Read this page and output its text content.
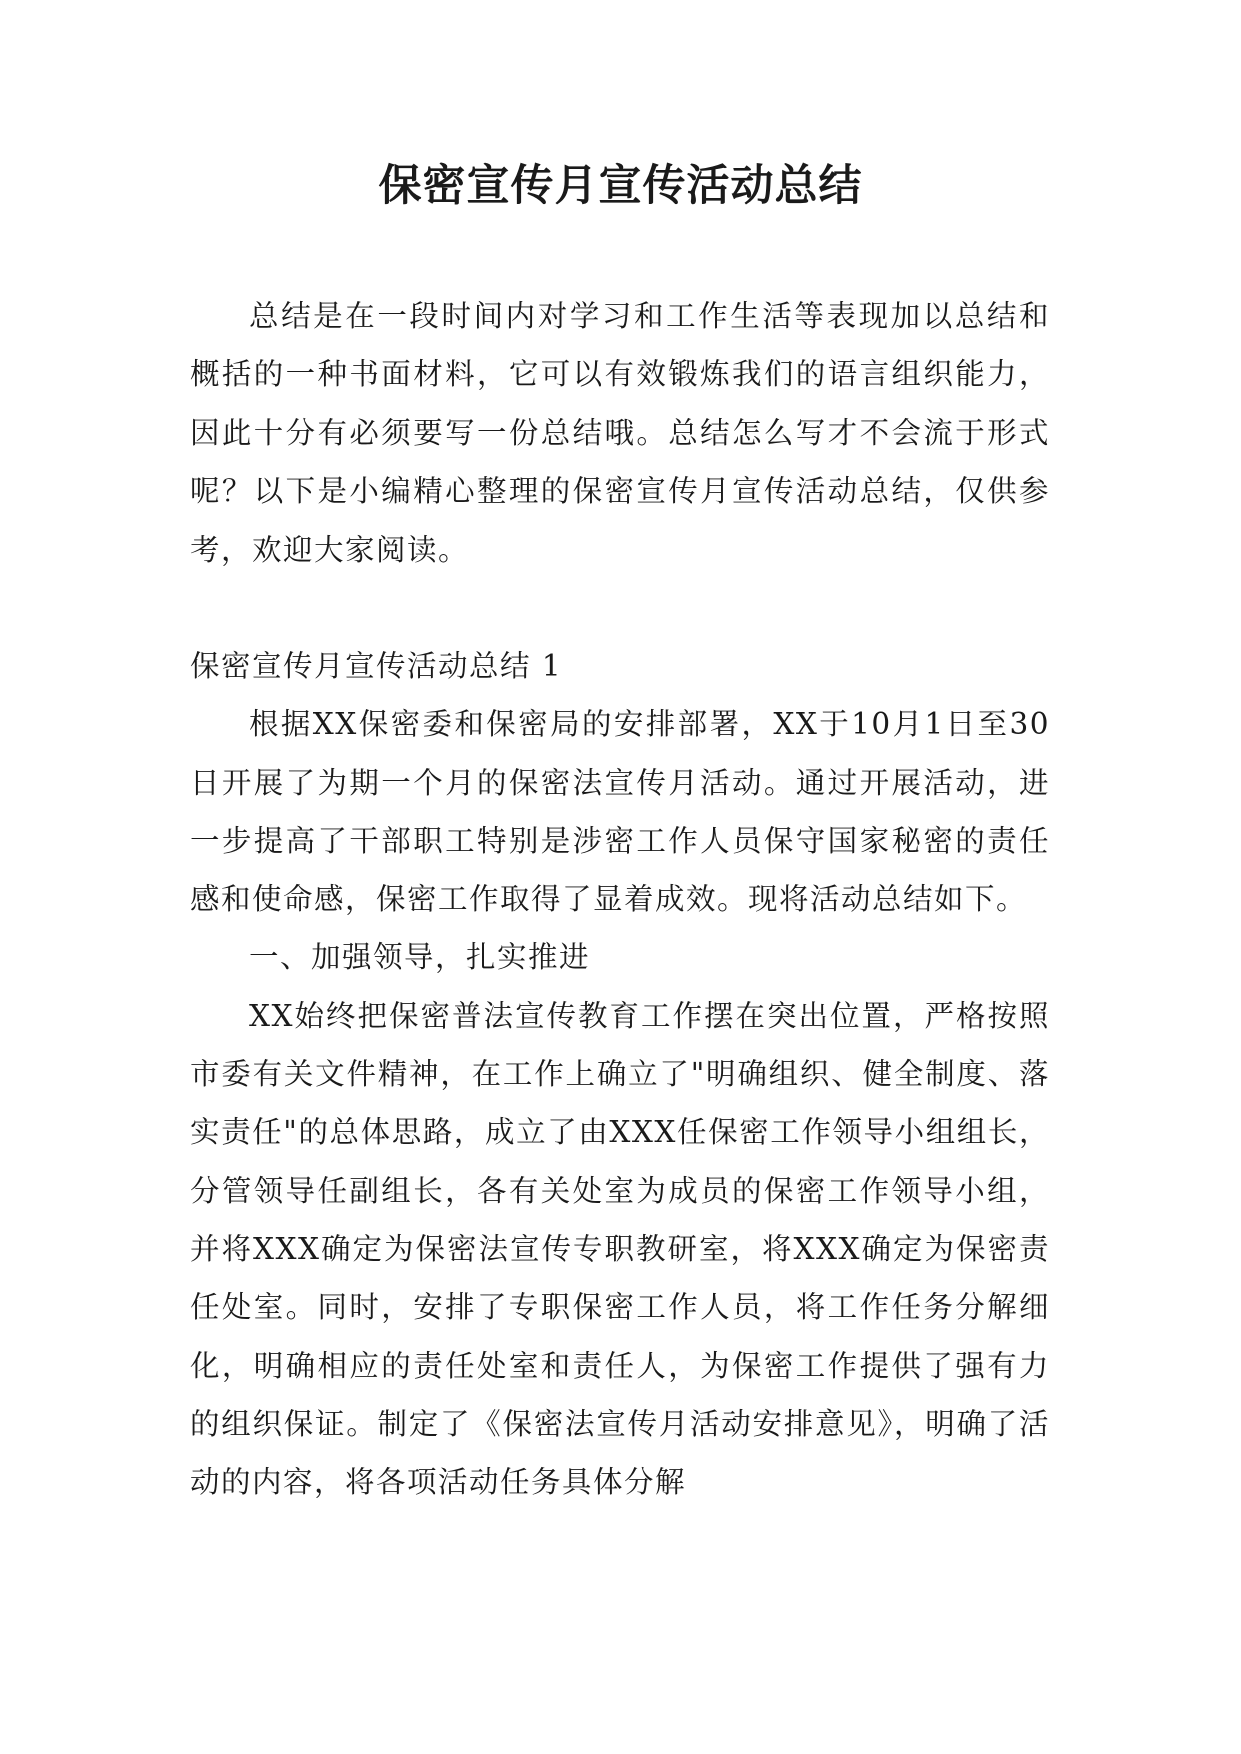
保密宣传月宣传活动总结

总结是在一段时间内对学习和工作生活等表现加以总结和概括的一种书面材料，它可以有效锻炼我们的语言组织能力，因此十分有必须要写一份总结哦。总结怎么写才不会流于形式呢？以下是小编精心整理的保密宣传月宣传活动总结，仅供参考，欢迎大家阅读。

保密宣传月宣传活动总结 1

根据XX保密委和保密局的安排部署，XX于10月1日至30日开展了为期一个月的保密法宣传月活动。通过开展活动，进一步提高了干部职工特别是涉密工作人员保守国家秘密的责任感和使命感，保密工作取得了显着成效。现将活动总结如下。

一、加强领导，扎实推进

XX始终把保密普法宣传教育工作摆在突出位置，严格按照市委有关文件精神，在工作上确立了"明确组织、健全制度、落实责任"的总体思路，成立了由XXX任保密工作领导小组组长，分管领导任副组长，各有关处室为成员的保密工作领导小组，并将XXX确定为保密法宣传专职教研室，将XXX确定为保密责任处室。同时，安排了专职保密工作人员，将工作任务分解细化，明确相应的责任处室和责任人，为保密工作提供了强有力的组织保证。制定了《保密法宣传月活动安排意见》，明确了活动的内容，将各项活动任务具体分解
